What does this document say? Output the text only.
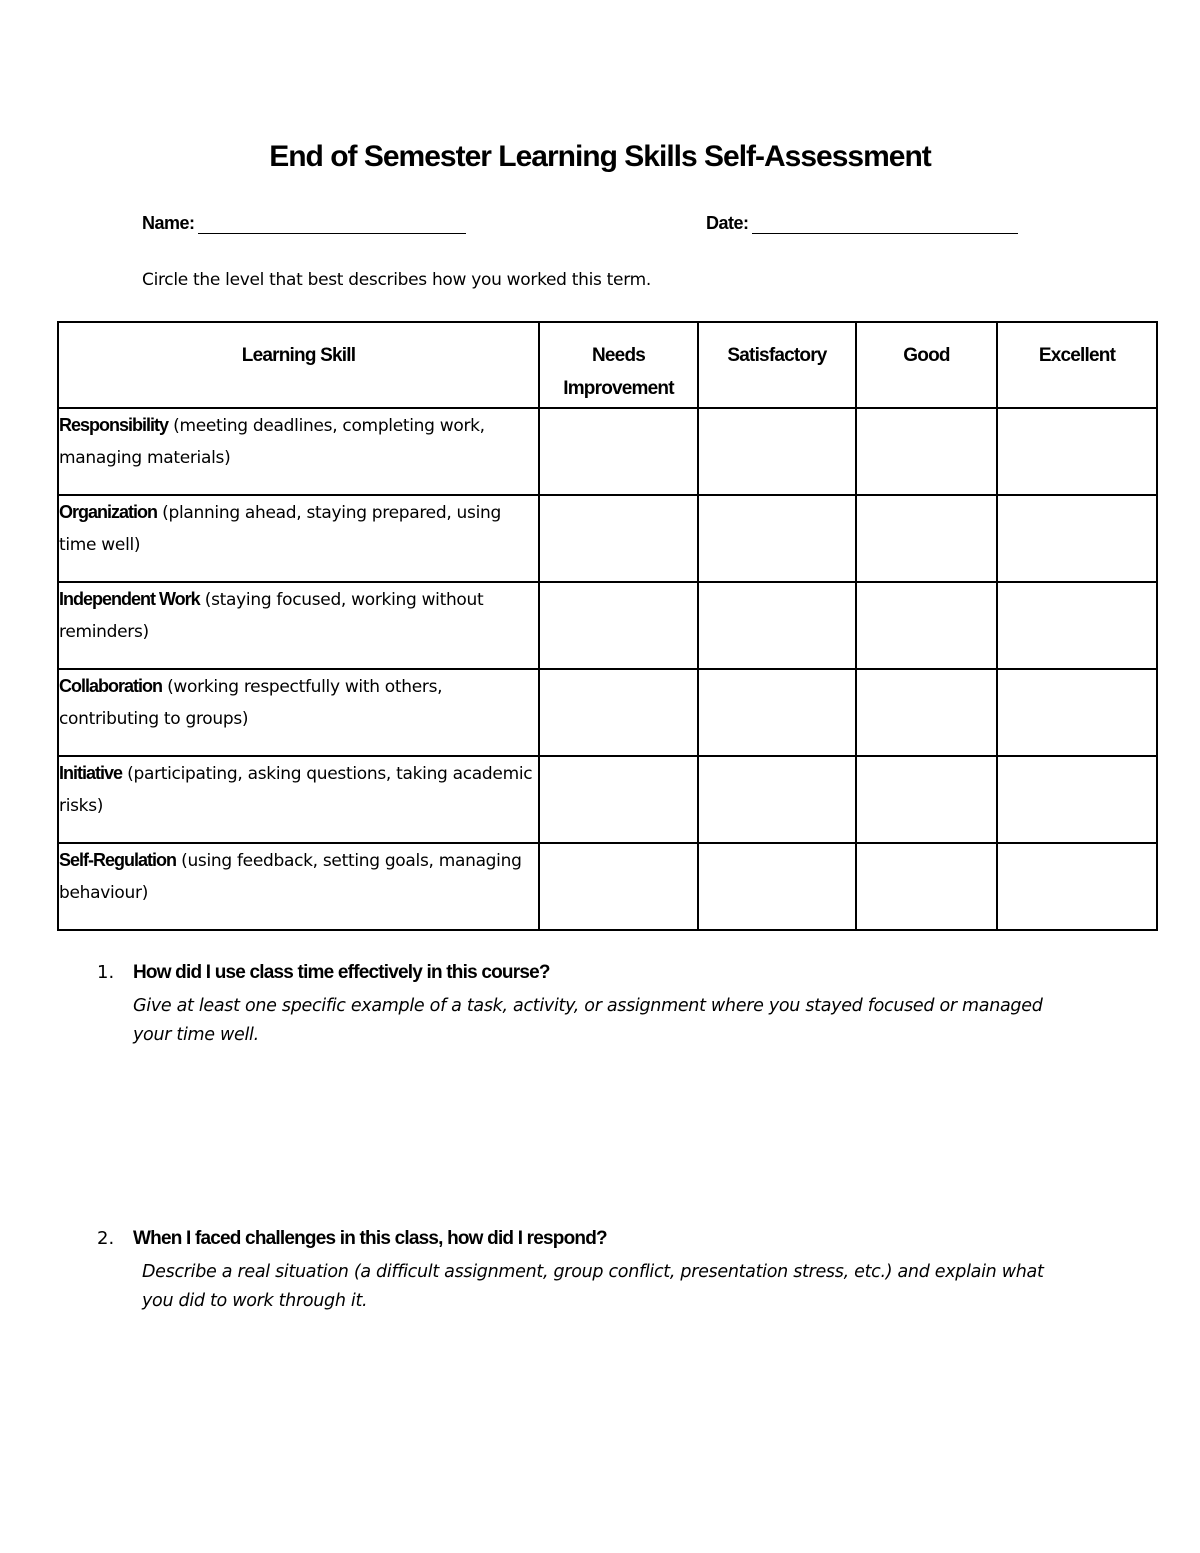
End of Semester Learning Skills Self-Assessment
Name:	Date:

Circle the level that best describes how you worked this term.

Learning Skill	Needs Improvement	Satisfactory	Good	Excellent
Responsibility (meeting deadlines, completing work, managing materials)				
Organization (planning ahead, staying prepared, using time well)				
Independent Work (staying focused, working without reminders)				
Collaboration (working respectfully with others, contributing to groups)				
Initiative (participating, asking questions, taking academic risks)				
Self-Regulation (using feedback, setting goals, managing behaviour)				
1. How did I use class time effectively in this course?

Give at least one specific example of a task, activity, or assignment where you stayed focused or managed your time well.

2. When I faced challenges in this class, how did I respond?

Describe a real situation (a difficult assignment, group conflict, presentation stress, etc.) and explain what you did to work through it.
